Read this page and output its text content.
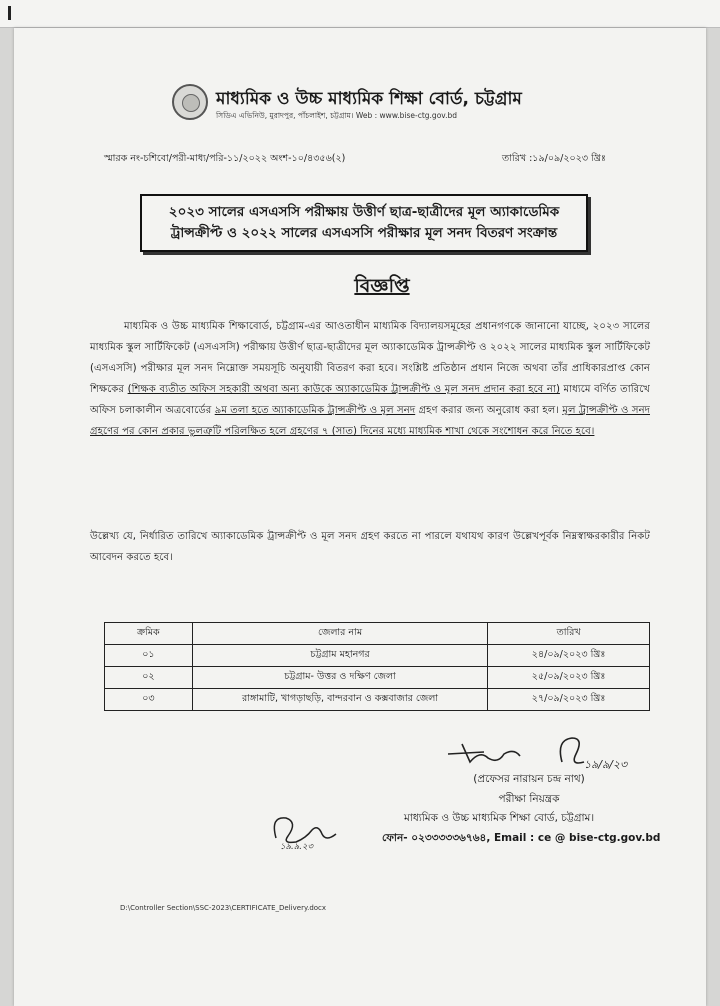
মাধ্যমিক ও উচ্চ মাধ্যমিক শিক্ষা বোর্ড, চট্টগ্রাম
সিডিএ এভিনিউ, মুরাদপুর, পাঁচলাইশ, চট্টগ্রাম। Web : www.bise-ctg.gov.bd
স্মারক নং-চশিবো/পরী-মাধ্য/পরি-১১/২০২২ অংশ-১০/৪৩৫৬(২)	তারিখ :১৯/০৯/২০২৩ খ্রিঃ
২০২৩ সালের এসএসসি পরীক্ষায় উত্তীর্ণ ছাত্র-ছাত্রীদের মূল অ্যাকাডেমিক
ট্রান্সক্রীপ্ট ও ২০২২ সালের এসএসসি পরীক্ষার মূল সনদ বিতরণ সংক্রান্ত
বিজ্ঞপ্তি

মাধ্যমিক ও উচ্চ মাধ্যমিক শিক্ষাবোর্ড, চট্টগ্রাম-এর আওতাধীন মাধ্যমিক বিদ্যালয়সমূহের প্রধানগণকে জানানো যাচ্ছে, ২০২৩ সালের মাধ্যমিক স্কুল সার্টিফিকেট (এসএসসি) পরীক্ষায় উত্তীর্ণ ছাত্র-ছাত্রীদের মূল অ্যাকাডেমিক ট্রান্সক্রীপ্ট ও ২০২২ সালের মাধ্যমিক স্কুল সার্টিফিকেট (এসএসসি) পরীক্ষার মূল সনদ নিম্নোক্ত সময়সূচি অনুযায়ী বিতরণ করা হবে। সংশ্লিষ্ট প্রতিষ্ঠান প্রধান নিজে অথবা তাঁর প্রাধিকারপ্রাপ্ত কোন শিক্ষকের (শিক্ষক ব্যতীত অফিস সহকারী অথবা অন্য কাউকে অ্যাকাডেমিক ট্রান্সক্রীপ্ট ও মূল সনদ প্রদান করা হবে না) মাধ্যমে বর্ণিত তারিখে অফিস চলাকালীন অত্রবোর্ডের ৯ম তলা হতে অ্যাকাডেমিক ট্রান্সক্রীপ্ট ও মূল সনদ গ্রহণ করার জন্য অনুরোধ করা হল। মূল ট্রান্সক্রীপ্ট ও সনদ গ্রহণের পর কোন প্রকার ভুলত্রুটি পরিলক্ষিত হলে গ্রহণের ৭ (সাত) দিনের মধ্যে মাধ্যমিক শাখা থেকে সংশোধন করে নিতে হবে।

উল্লেখ্য যে, নির্ধারিত তারিখে অ্যাকাডেমিক ট্রান্সক্রীপ্ট ও মূল সনদ গ্রহণ করতে না পারলে যথাযথ কারণ উল্লেখপূর্বক নিম্নস্বাক্ষরকারীর নিকট আবেদন করতে হবে।

ক্রমিক	জেলার নাম	তারিখ
০১	চট্টগ্রাম মহানগর	২৪/০৯/২০২৩ খ্রিঃ
০২	চট্টগ্রাম- উত্তর ও দক্ষিণ জেলা	২৫/০৯/২০২৩ খ্রিঃ
০৩	রাঙ্গামাটি, খাগড়াছড়ি, বান্দরবান ও কক্সবাজার জেলা	২৭/০৯/২০২৩ খ্রিঃ
১৯/৯/২৩
(প্রফেসর নারায়ন চন্দ্র নাথ)
পরীক্ষা নিয়ন্ত্রক
মাধ্যমিক ও উচ্চ মাধ্যমিক শিক্ষা বোর্ড, চট্টগ্রাম।
ফোন- ০২৩৩৩৩৩৬৭৬৪, Email : ce @ bise-ctg.gov.bd
১৯.৯.২৩
D:\Controller Section\SSC-2023\CERTIFICATE_Delivery.docx
